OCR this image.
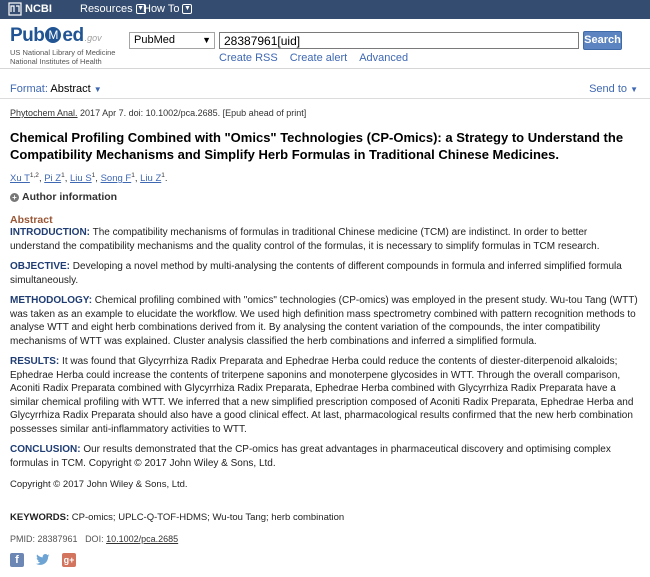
NCBI	Resources ▼
How To ▼
Pub M ed.gov
US National Library of Medicine
National Institutes of Health
PubMed	▼
28387961[uid]	Search
Create RSS Create alert Advanced
Format: Abstract ▼	Send to ▼
Phytochem Anal. 2017 Apr 7. doi: 10.1002/pca.2685. [Epub ahead of print]
Chemical Profiling Combined with "Omics" Technologies (CP-Omics): a Strategy to Understand the Compatibility Mechanisms and Simplify Herb Formulas in Traditional Chinese Medicines.
Xu T$^{1,2}$, Pi $Z^1$, Liu $S^1$, Song $F^1$, Liu $Z^1$.
+ Author information
Abstract

INTRODUCTION: The compatibility mechanisms of formulas in traditional Chinese medicine (TCM) are indistinct. In order to better understand the compatibility mechanisms and the quality control of the formulas, it is necessary to simplify formulas in TCM research.

OBJECTIVE: Developing a novel method by multi-analysing the contents of different compounds in formula and inferred simplified formula simultaneously.

METHODOLOGY: Chemical profiling combined with "omics" technologies (CP-omics) was employed in the present study. Wu-tou Tang (WTT) was taken as an example to elucidate the workflow. We used high definition mass spectrometry combined with pattern recognition methods to analyse WTT and eight herb combinations derived from it. By analysing the content variation of the compounds, the inter compatibility mechanisms of WTT was explained. Cluster analysis classified the herb combinations and inferred a simplified formula.

RESULTS: It was found that Glycyrrhiza Radix Preparata and Ephedrae Herba could reduce the contents of diester-diterpenoid alkaloids; Ephedrae Herba could increase the contents of triterpene saponins and monoterpene glycosides in WTT. Through the overall comparison, Aconiti Radix Preparata combined with Glycyrrhiza Radix Preparata, Ephedrae Herba combined with Glycyrrhiza Radix Preparata have a similar chemical profiling with WTT. We inferred that a new simplified prescription composed of Aconiti Radix Preparata, Ephedrae Herba and Glycyrrhiza Radix Preparata should also have a good clinical effect. At last, pharmacological results confirmed that the new herb combination possesses similar anti-inflammatory activities to WTT.

CONCLUSION: Our results demonstrated that the CP-omics has great advantages in pharmaceutical discovery and optimising complex formulas in TCM. Copyright © 2017 John Wiley & Sons, Ltd.

Copyright © 2017 John Wiley & Sons, Ltd.
KEYWORDS: CP-omics; UPLC-Q-TOF-HDMS; Wu-tou Tang; herb combination
PMID: 28387961 DOI: 10.1002/pca.2685
f	g+
